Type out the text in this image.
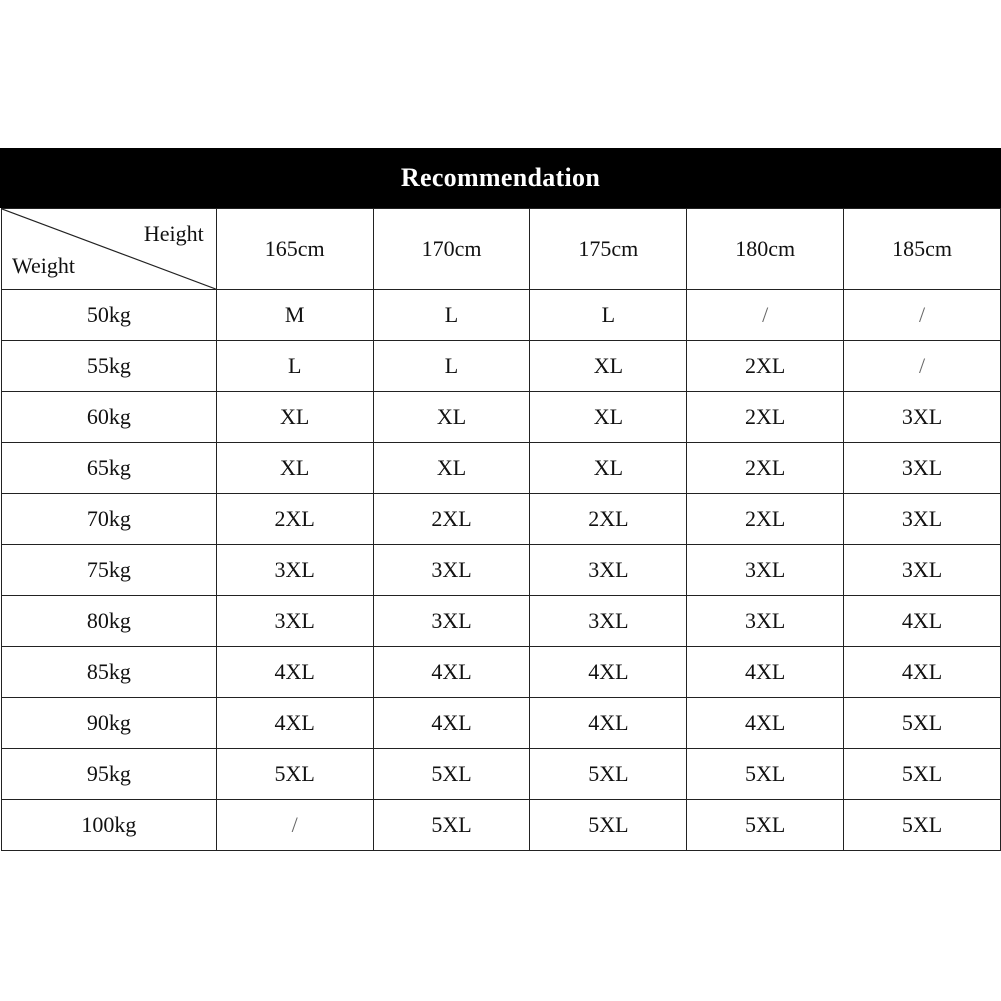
Recommendation
Height
Weight	165cm	170cm	175cm	180cm	185cm
50kg	M	L	L	/	/
55kg	L	L	XL	2XL	/
60kg	XL	XL	XL	2XL	3XL
65kg	XL	XL	XL	2XL	3XL
70kg	2XL	2XL	2XL	2XL	3XL
75kg	3XL	3XL	3XL	3XL	3XL
80kg	3XL	3XL	3XL	3XL	4XL
85kg	4XL	4XL	4XL	4XL	4XL
90kg	4XL	4XL	4XL	4XL	5XL
95kg	5XL	5XL	5XL	5XL	5XL
100kg	/	5XL	5XL	5XL	5XL
